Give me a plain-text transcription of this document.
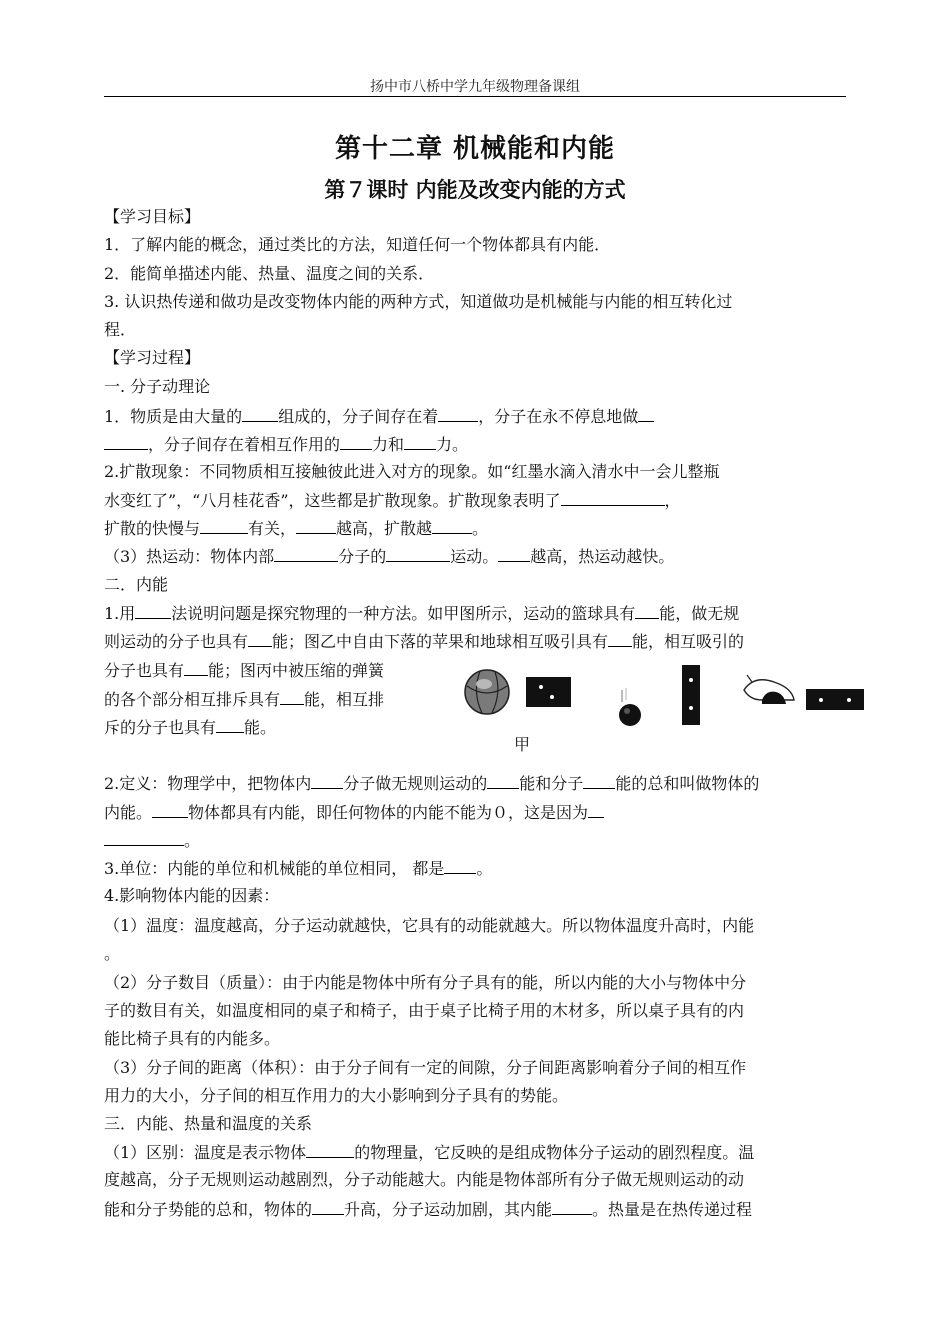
扬中市八桥中学九年级物理备课组
第十二章 机械能和内能
第７课时 内能及改变内能的方式
【学习目标】
1．了解内能的概念，通过类比的方法，知道任何一个物体都具有内能．
2．能简单描述内能、热量、温度之间的关系．
3. 认识热传递和做功是改变物体内能的两种方式，知道做功是机械能与内能的相互转化过
程．
【学习过程】
一. 分子动理论
1．物质是由大量的 组成的，分子间存在着	，分子在永不停息地做
，分子间存在着相互作用的 力和 力。
2.扩散现象：不同物质相互接触彼此进入对方的现象。如“红墨水滴入清水中一会儿整瓶
水变红了”，“八月桂花香”，这些都是扩散现象。扩散现象表明了	，
扩散的快慢与	有关，	越高，扩散越	。
（3）热运动：物体内部	分子的	运动。 越高，热运动越快。
二．内能
1.用 法说明问题是探究物理的一种方法。如甲图所示，运动的篮球具有 能，做无规
则运动的分子也具有 能；图乙中自由下落的苹果和地球相互吸引具有 能，相互吸引的
分子也具有 能；图丙中被压缩的弹簧
的各个部分相互排斥具有 能，相互排
斥的分子也具有 能。
甲
2.定义：物理学中，把物体内 分子做无规则运动的 能和分子 能的总和叫做物体的
内能。 物体都具有内能，即任何物体的内能不能为０，这是因为
。
3.单位：内能的单位和机械能的单位相同， 都是 。
4.影响物体内能的因素：
（1）温度：温度越高，分子运动就越快，它具有的动能就越大。所以物体温度升高时，内能
。
（2）分子数目（质量）：由于内能是物体中所有分子具有的能，所以内能的大小与物体中分
子的数目有关，如温度相同的桌子和椅子，由于桌子比椅子用的木材多，所以桌子具有的内
能比椅子具有的内能多。
（3）分子间的距离（体积）：由于分子间有一定的间隙，分子间距离影响着分子间的相互作
用力的大小，分子间的相互作用力的大小影响到分子具有的势能。
三．内能、热量和温度的关系
（1）区别：温度是表示物体	的物理量，它反映的是组成物体分子运动的剧烈程度。温
度越高，分子无规则运动越剧烈，分子动能越大。内能是物体部所有分子做无规则运动的动
能和分子势能的总和，物体的 升高，分子运动加剧，其内能	。热量是在热传递过程
